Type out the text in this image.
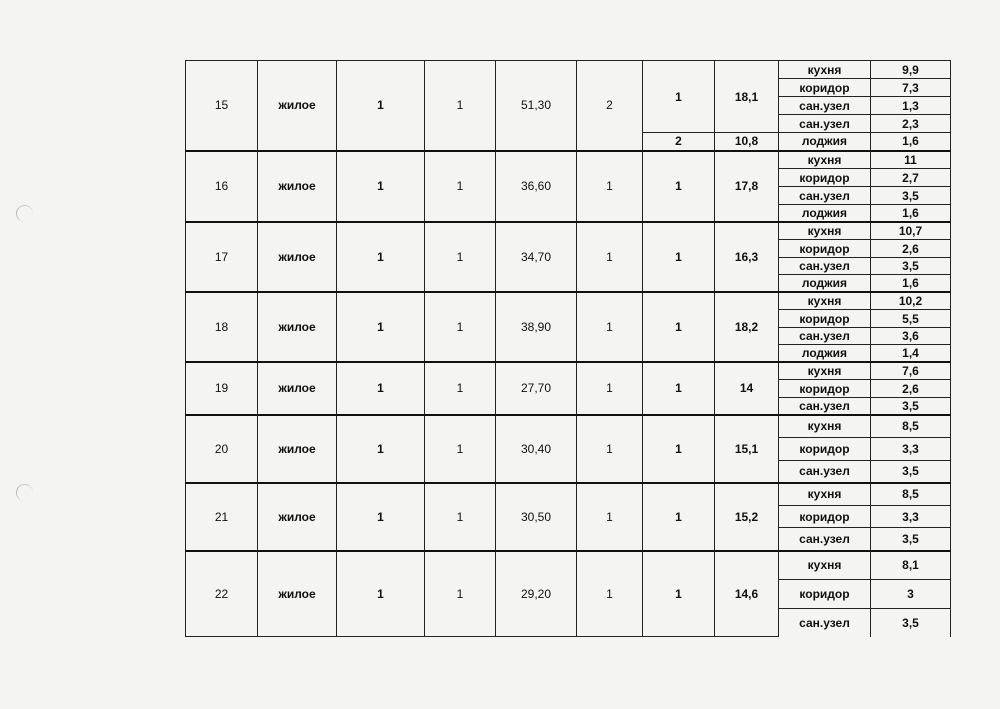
15	жилое	1	1	51,30	2	1	18,1	кухня	9,9
								коридор	7,3
								сан.узел	1,3
								сан.узел	2,3
						2	10,8	лоджия	1,6
16	жилое	1	1	36,60	1	1	17,8	кухня	11
								коридор	2,7
								сан.узел	3,5
								лоджия	1,6
17	жилое	1	1	34,70	1	1	16,3	кухня	10,7
								коридор	2,6
								сан.узел	3,5
								лоджия	1,6
18	жилое	1	1	38,90	1	1	18,2	кухня	10,2
								коридор	5,5
								сан.узел	3,6
								лоджия	1,4
19	жилое	1	1	27,70	1	1	14	кухня	7,6
								коридор	2,6
								сан.узел	3,5
20	жилое	1	1	30,40	1	1	15,1	кухня	8,5
								коридор	3,3
								сан.узел	3,5
21	жилое	1	1	30,50	1	1	15,2	кухня	8,5
								коридор	3,3
								сан.узел	3,5
22	жилое	1	1	29,20	1	1	14,6	кухня	8,1
								коридор	3
								сан.узел	3,5
